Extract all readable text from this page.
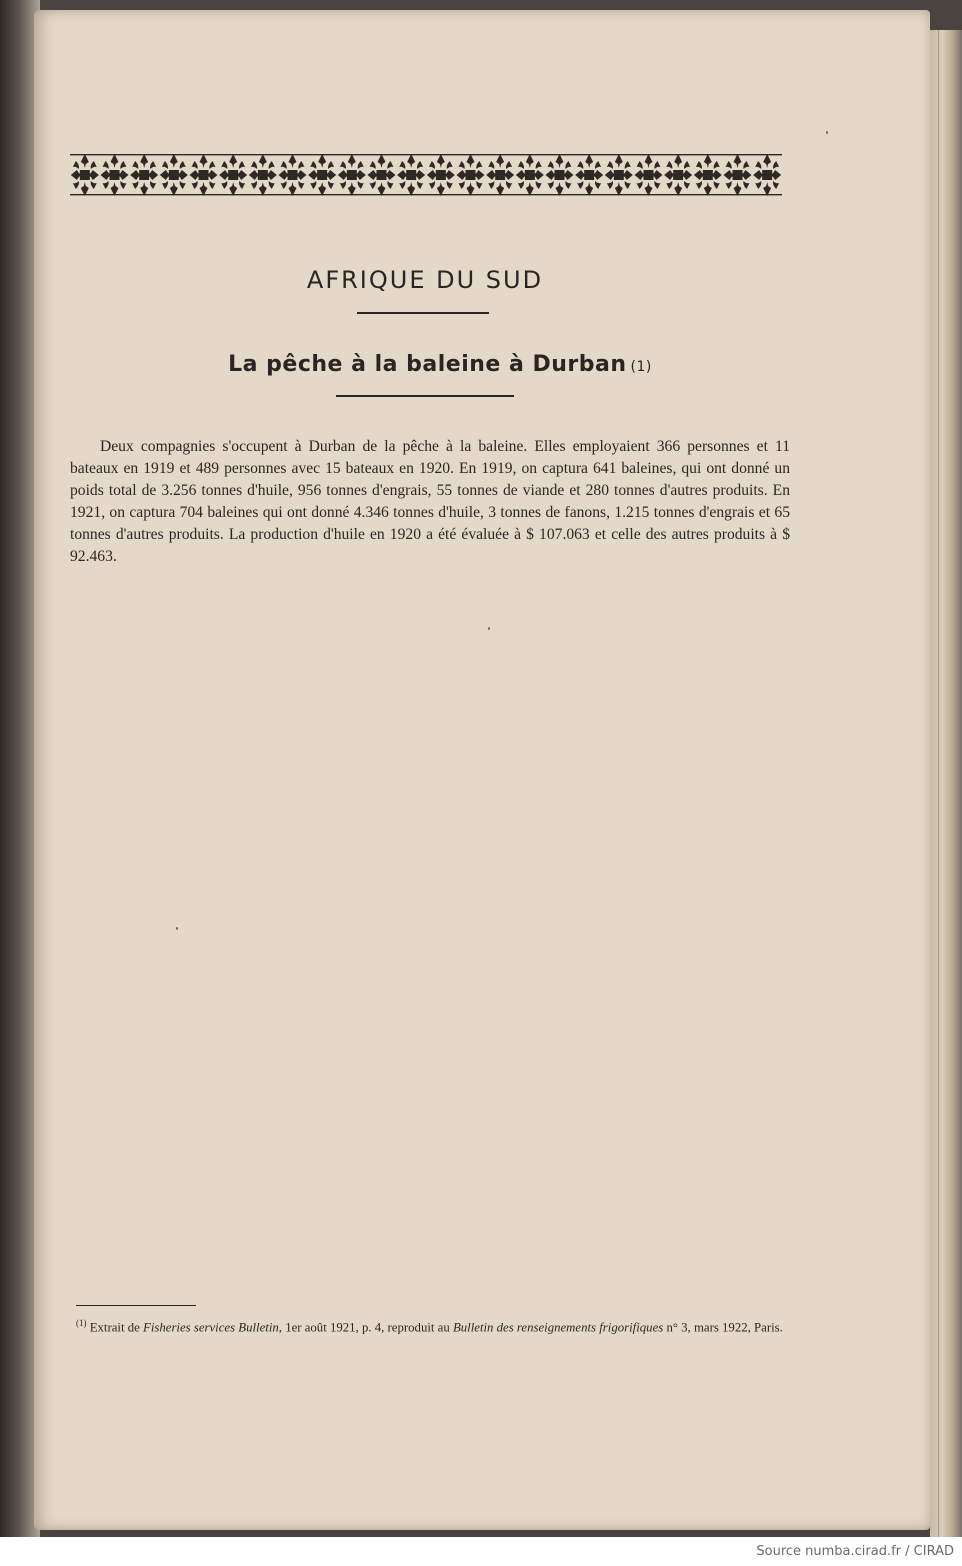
AFRIQUE DU SUD
La pêche à la baleine à Durban (1)

Deux compagnies s'occupent à Durban de la pêche à la baleine. Elles employaient 366 personnes et 11 bateaux en 1919 et 489 personnes avec 15 bateaux en 1920. En 1919, on captura 641 baleines, qui ont donné un poids total de 3.256 tonnes d'huile, 956 tonnes d'engrais, 55 tonnes de viande et 280 tonnes d'autres produits. En 1921, on captura 704 baleines qui ont donné 4.346 tonnes d'huile, 3 tonnes de fanons, 1.215 tonnes d'engrais et 65 tonnes d'autres produits. La production d'huile en 1920 a été évaluée à $ 107.063 et celle des autres produits à $ 92.463.

$^{(1)}$ Extrait de Fisheries services Bulletin, 1er août 1921, p. 4, reproduit au Bulletin des renseignements frigorifiques n° 3, mars 1922, Paris.

Source numba.cirad.fr / CIRAD
